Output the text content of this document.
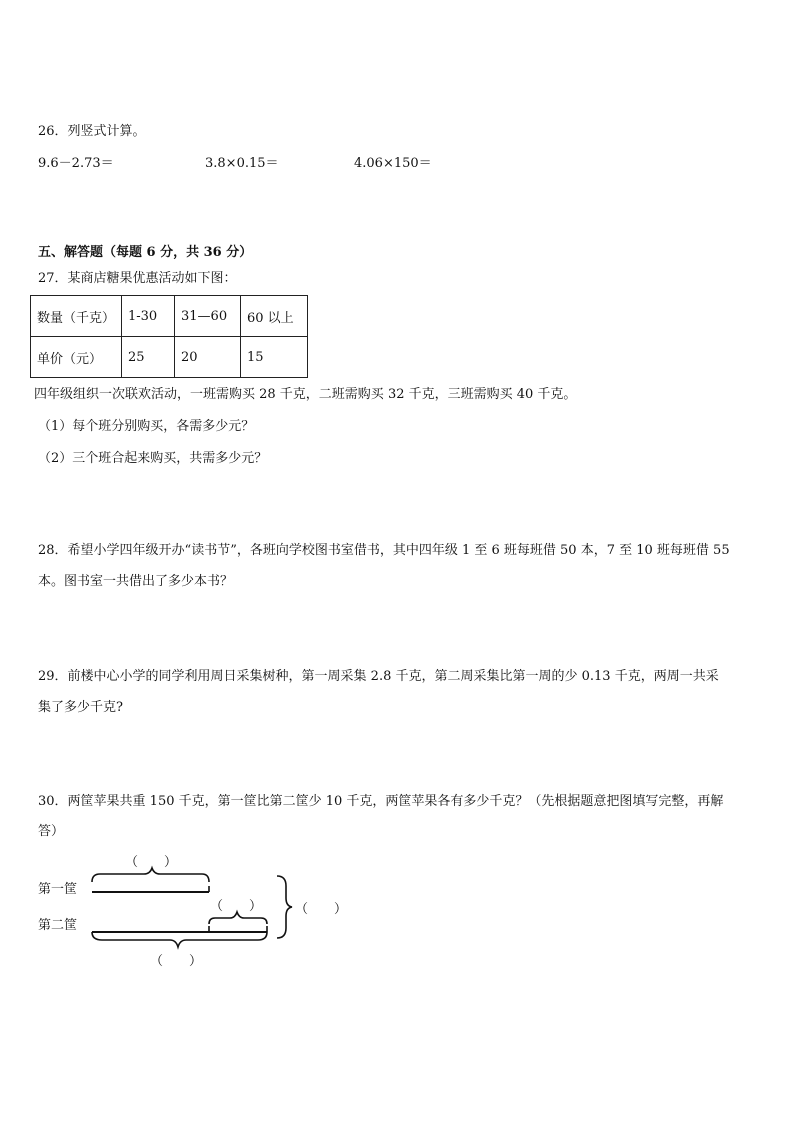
26．列竖式计算。
9.6－2.73＝	3.8×0.15＝	4.06×150＝
五、解答题（每题 6 分，共 36 分）
27．某商店糖果优惠活动如下图：
数量（千克）	1-30	31—60	60 以上
单价（元）	25	20	15
四年级组织一次联欢活动，一班需购买 28 千克，二班需购买 32 千克，三班需购买 40 千克。
（1）每个班分别购买，各需多少元？
（2）三个班合起来购买，共需多少元？
28．希望小学四年级开办“读书节”，各班向学校图书室借书，其中四年级 1 至 6 班每班借 50 本，7 至 10 班每班借 55
本。图书室一共借出了多少本书？
29．前楼中心小学的同学利用周日采集树种，第一周采集 2.8 千克，第二周采集比第一周的少 0.13 千克，两周一共采
集了多少千克?
30．两筐苹果共重 150 千克，第一筐比第二筐少 10 千克，两筐苹果各有多少千克？（先根据题意把图填写完整，再解
答）
第一筐
第二筐
（　　）
（　　）	（　　）
（　　）
